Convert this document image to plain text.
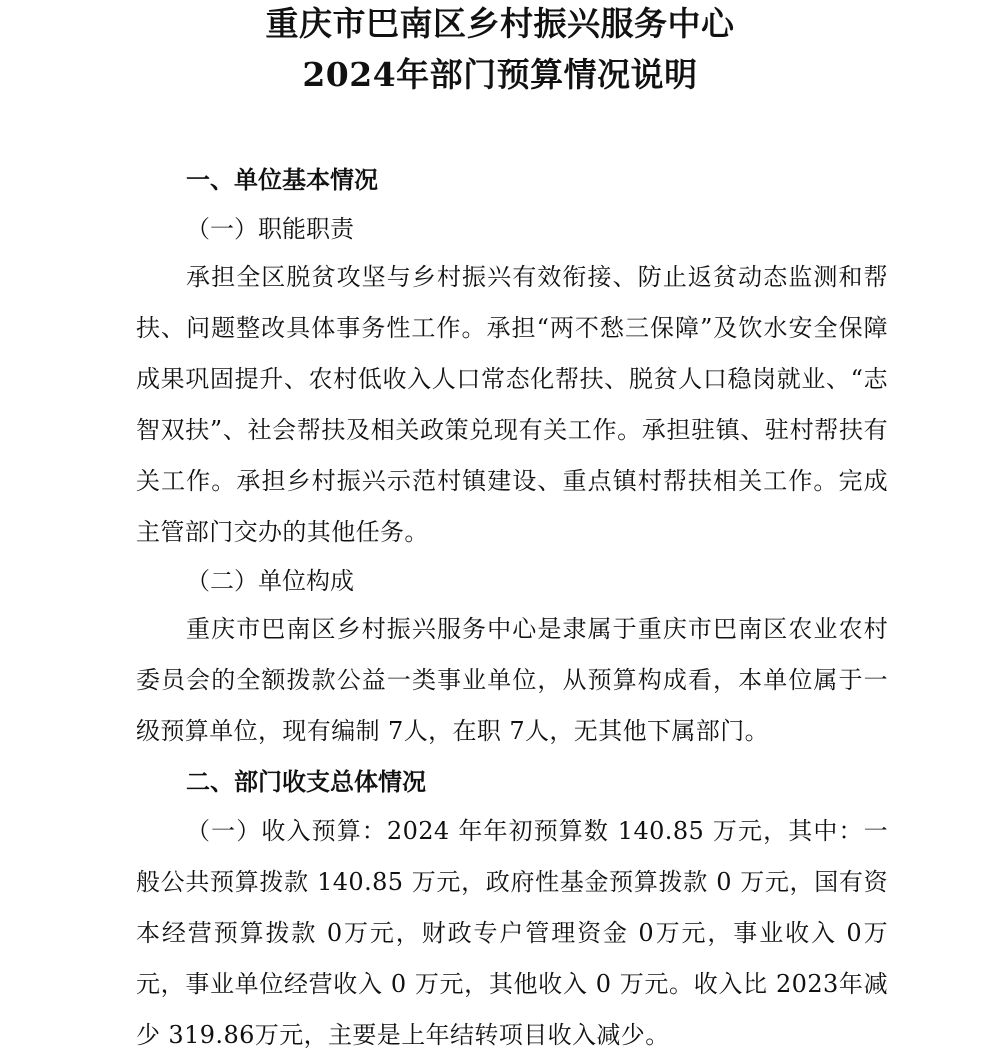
重庆市巴南区乡村振兴服务中心
2024年部门预算情况说明
一、单位基本情况
（一）职能职责
承担全区脱贫攻坚与乡村振兴有效衔接、防止返贫动态监测和帮扶、问题整改具体事务性工作。承担“两不愁三保障”及饮水安全保障成果巩固提升、农村低收入人口常态化帮扶、脱贫人口稳岗就业、“志智双扶”、社会帮扶及相关政策兑现有关工作。承担驻镇、驻村帮扶有关工作。承担乡村振兴示范村镇建设、重点镇村帮扶相关工作。完成主管部门交办的其他任务。
（二）单位构成
重庆市巴南区乡村振兴服务中心是隶属于重庆市巴南区农业农村委员会的全额拨款公益一类事业单位，从预算构成看，本单位属于一级预算单位，现有编制 7人，在职 7人，无其他下属部门。
二、部门收支总体情况
（一）收入预算：2024 年年初预算数 140.85 万元，其中：一般公共预算拨款 140.85 万元，政府性基金预算拨款 0 万元，国有资本经营预算拨款 0万元，财政专户管理资金 0万元，事业收入 0万元，事业单位经营收入 0 万元，其他收入 0 万元。收入比 2023年减少 319.86万元，主要是上年结转项目收入减少。
